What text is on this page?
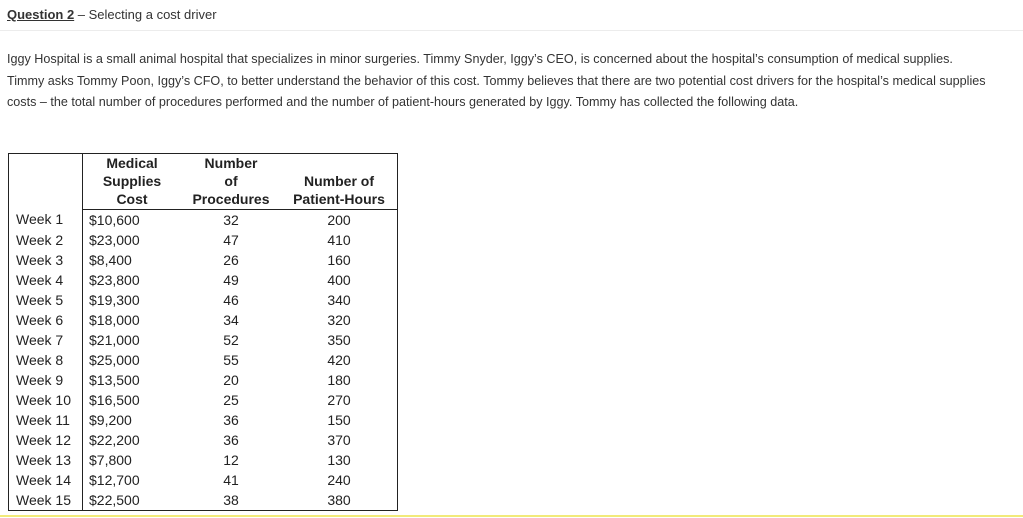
Question 2 – Selecting a cost driver

Iggy Hospital is a small animal hospital that specializes in minor surgeries. Timmy Snyder, Iggy’s CEO, is concerned about the hospital’s consumption of medical supplies. Timmy asks Tommy Poon, Iggy’s CFO, to better understand the behavior of this cost. Tommy believes that there are two potential cost drivers for the hospital’s medical supplies costs – the total number of procedures performed and the number of patient-hours generated by Iggy. Tommy has collected the following data.

	Medical
Supplies
Cost	Number
of
Procedures	Number of
Patient-Hours
Week 1	$10,600	32	200
Week 2	$23,000	47	410
Week 3	$8,400	26	160
Week 4	$23,800	49	400
Week 5	$19,300	46	340
Week 6	$18,000	34	320
Week 7	$21,000	52	350
Week 8	$25,000	55	420
Week 9	$13,500	20	180
Week 10	$16,500	25	270
Week 11	$9,200	36	150
Week 12	$22,200	36	370
Week 13	$7,800	12	130
Week 14	$12,700	41	240
Week 15	$22,500	38	380
